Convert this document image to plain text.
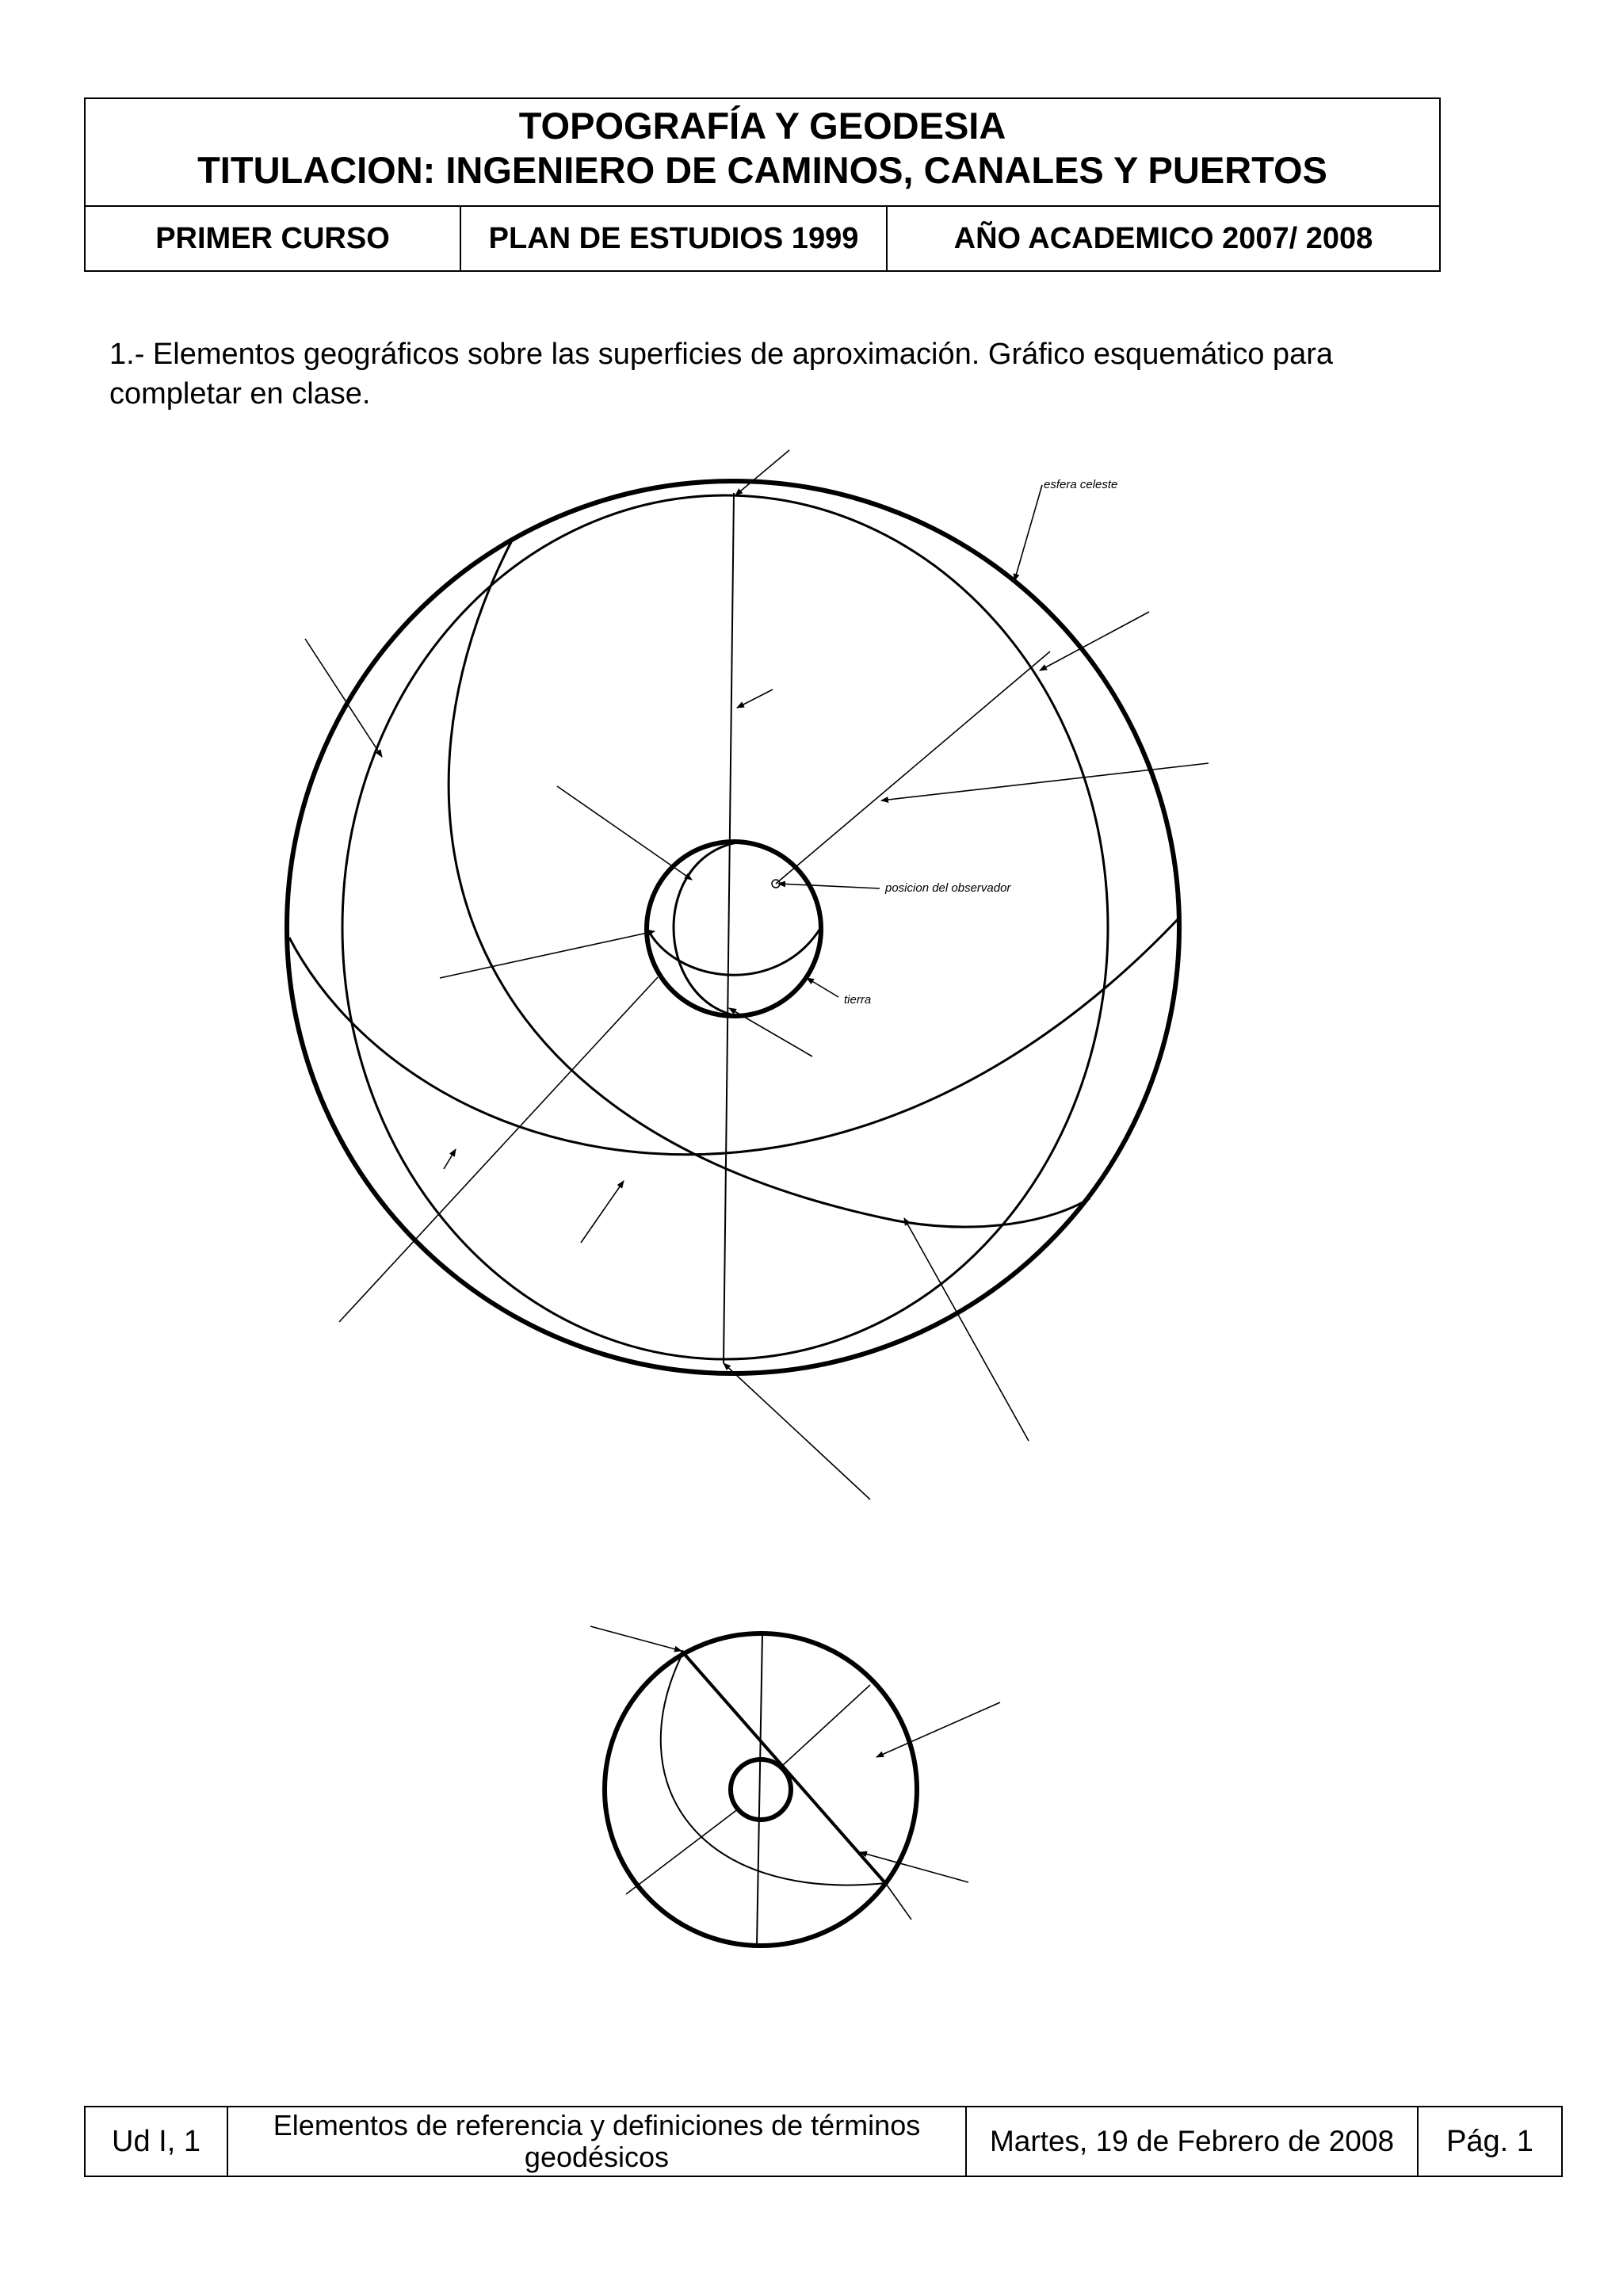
TOPOGRAFÍA Y GEODESIA
TITULACION: INGENIERO DE CAMINOS, CANALES Y PUERTOS
PRIMER CURSO	PLAN DE ESTUDIOS 1999	AÑO ACADEMICO 2007/ 2008
1.- Elementos geográficos sobre las superficies de aproximación. Gráfico esquemático para completar en clase.
esfera celeste
posicion del observador
tierra
Ud I, 1	Elementos de referencia y definiciones de términos geodésicos	Martes, 19 de Febrero de 2008	Pág. 1
